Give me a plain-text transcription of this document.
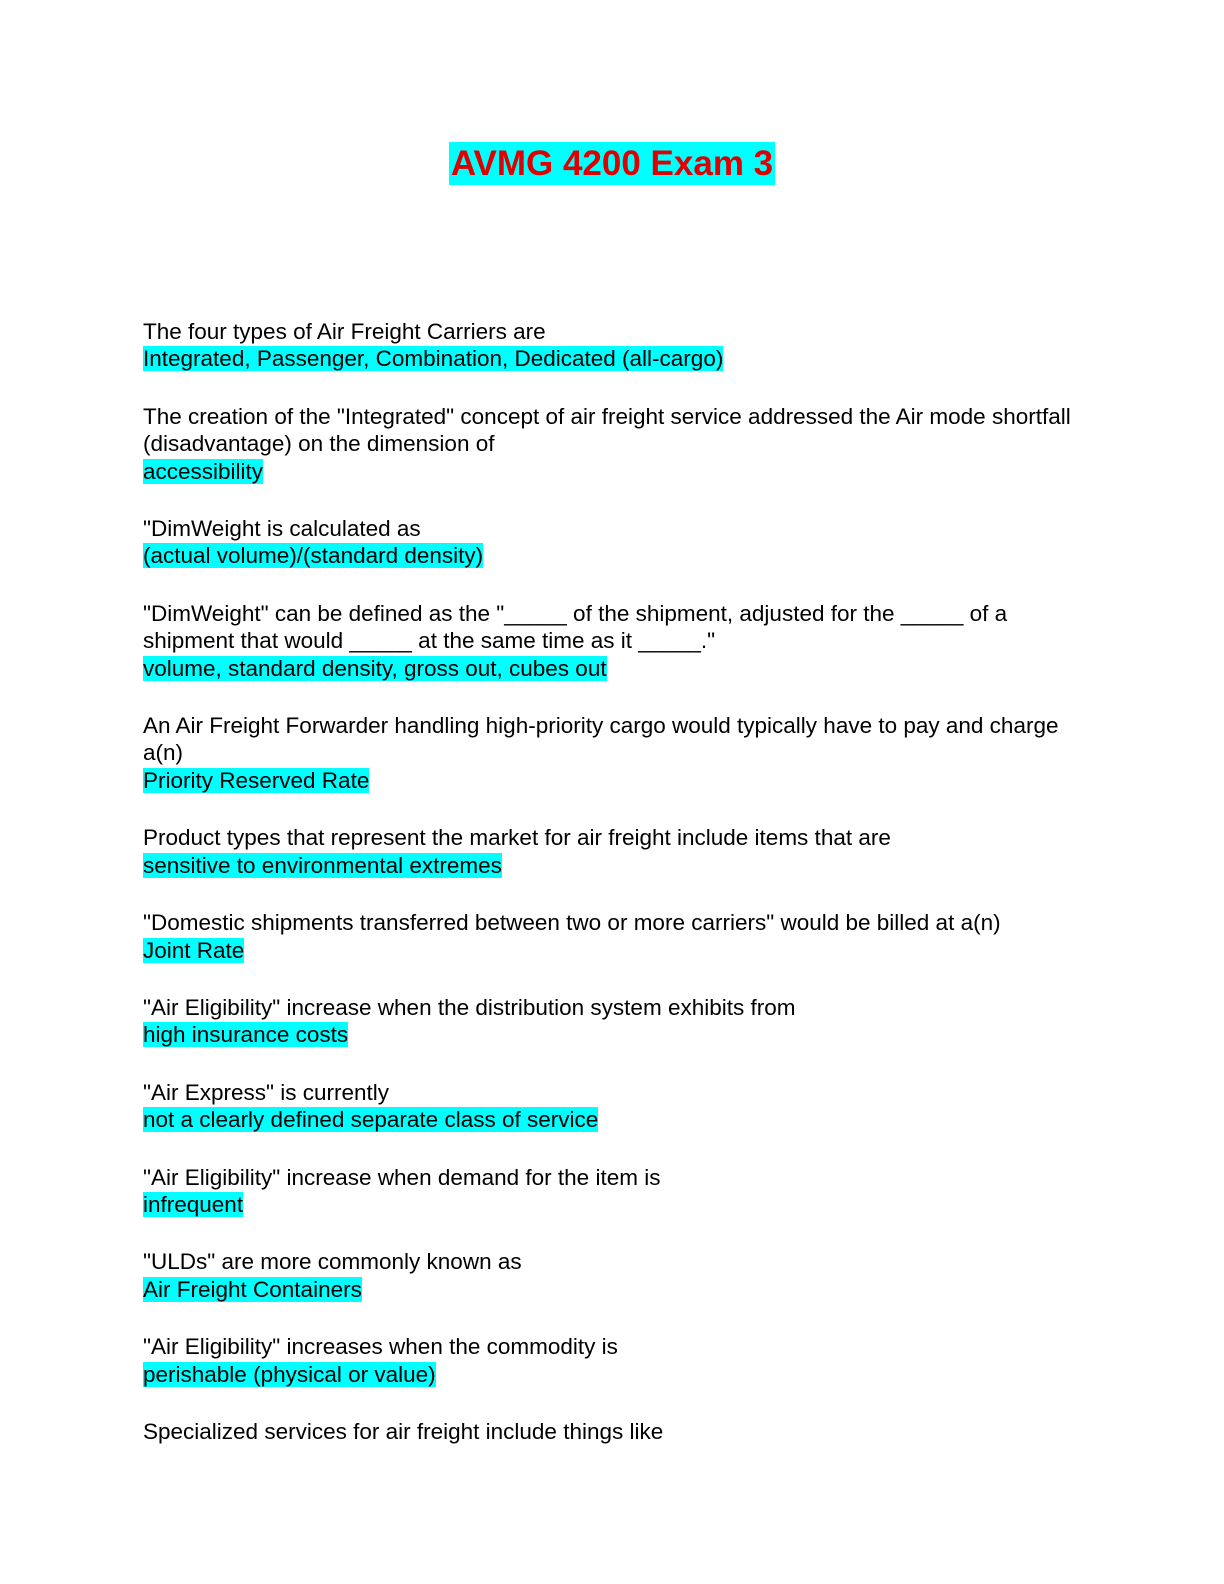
AVMG 4200 Exam 3

The four types of Air Freight Carriers are

Integrated, Passenger, Combination, Dedicated (all-cargo)

The creation of the "Integrated" concept of air freight service addressed the Air mode shortfall (disadvantage) on the dimension of

accessibility

"DimWeight is calculated as

(actual volume)/(standard density)

"DimWeight" can be defined as the "_____ of the shipment, adjusted for the _____ of a shipment that would _____ at the same time as it _____."

volume, standard density, gross out, cubes out

An Air Freight Forwarder handling high-priority cargo would typically have to pay and charge a(n)

Priority Reserved Rate

Product types that represent the market for air freight include items that are

sensitive to environmental extremes

"Domestic shipments transferred between two or more carriers" would be billed at a(n)

Joint Rate

"Air Eligibility" increase when the distribution system exhibits from

high insurance costs

"Air Express" is currently

not a clearly defined separate class of service

"Air Eligibility" increase when demand for the item is

infrequent

"ULDs" are more commonly known as

Air Freight Containers

"Air Eligibility" increases when the commodity is

perishable (physical or value)

Specialized services for air freight include things like
